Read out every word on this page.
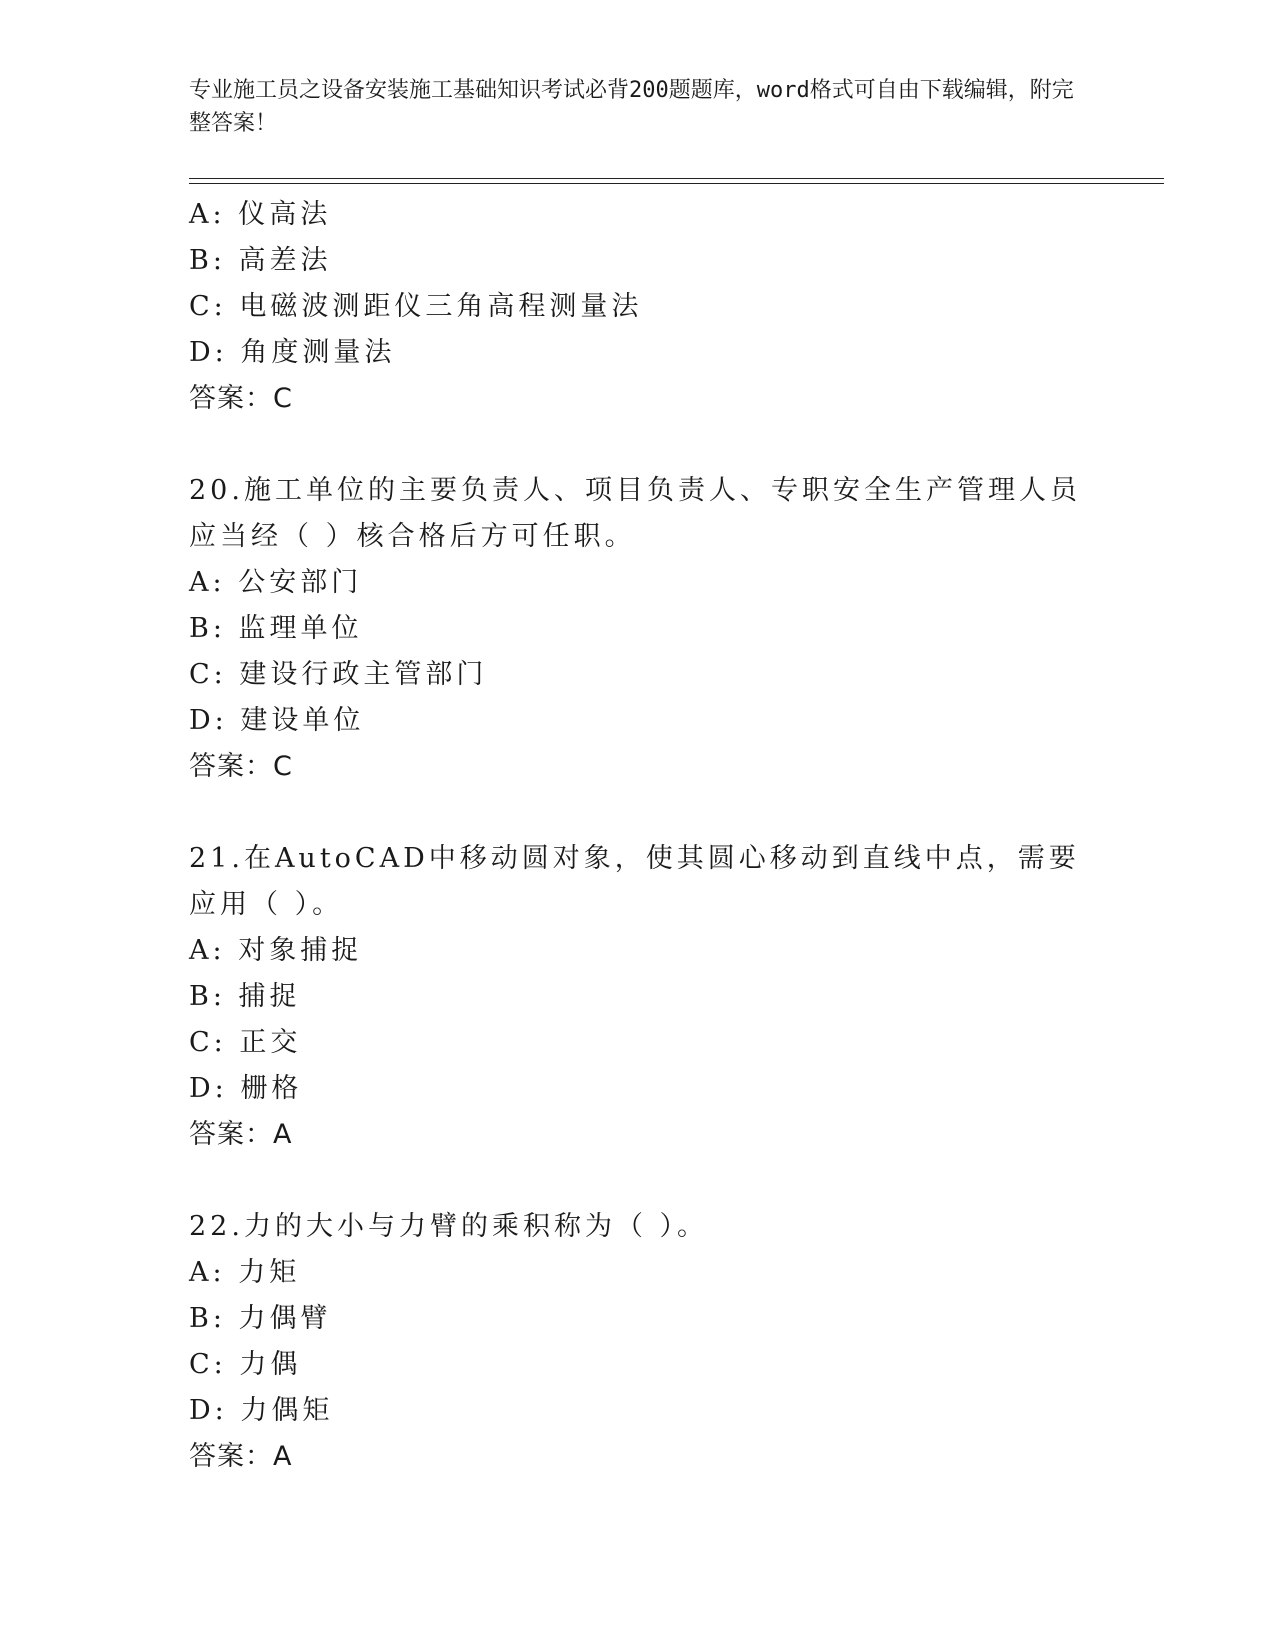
专业施工员之设备安装施工基础知识考试必背200题题库，word格式可自由下载编辑，附完整答案！
A: 仪高法
B: 高差法
C: 电磁波测距仪三角高程测量法
D: 角度测量法
答案：C
20.施工单位的主要负责人、项目负责人、专职安全生产管理人员应当经（ ）核合格后方可任职。
A: 公安部门
B: 监理单位
C: 建设行政主管部门
D: 建设单位
答案：C
21.在AutoCAD中移动圆对象，使其圆心移动到直线中点，需要应用（ ）。
A: 对象捕捉
B: 捕捉
C: 正交
D: 栅格
答案：A
22.力的大小与力臂的乘积称为（ ）。
A: 力矩
B: 力偶臂
C: 力偶
D: 力偶矩
答案：A
